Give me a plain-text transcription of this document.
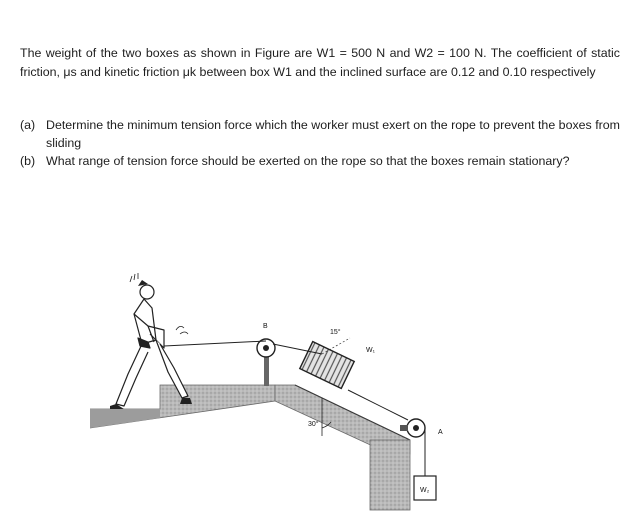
The weight of the two boxes as shown in Figure are W1 = 500 N and W2 = 100 N. The coefficient of static friction, μs and kinetic friction μk between box W1 and the inclined surface are 0.12 and 0.10 respectively

(a) Determine the minimum tension force which the worker must exert on the rope to prevent the boxes from sliding
(b) What range of tension force should be exerted on the rope so that the boxes remain stationary?
30°
B
W₁
15°
A
W₂
